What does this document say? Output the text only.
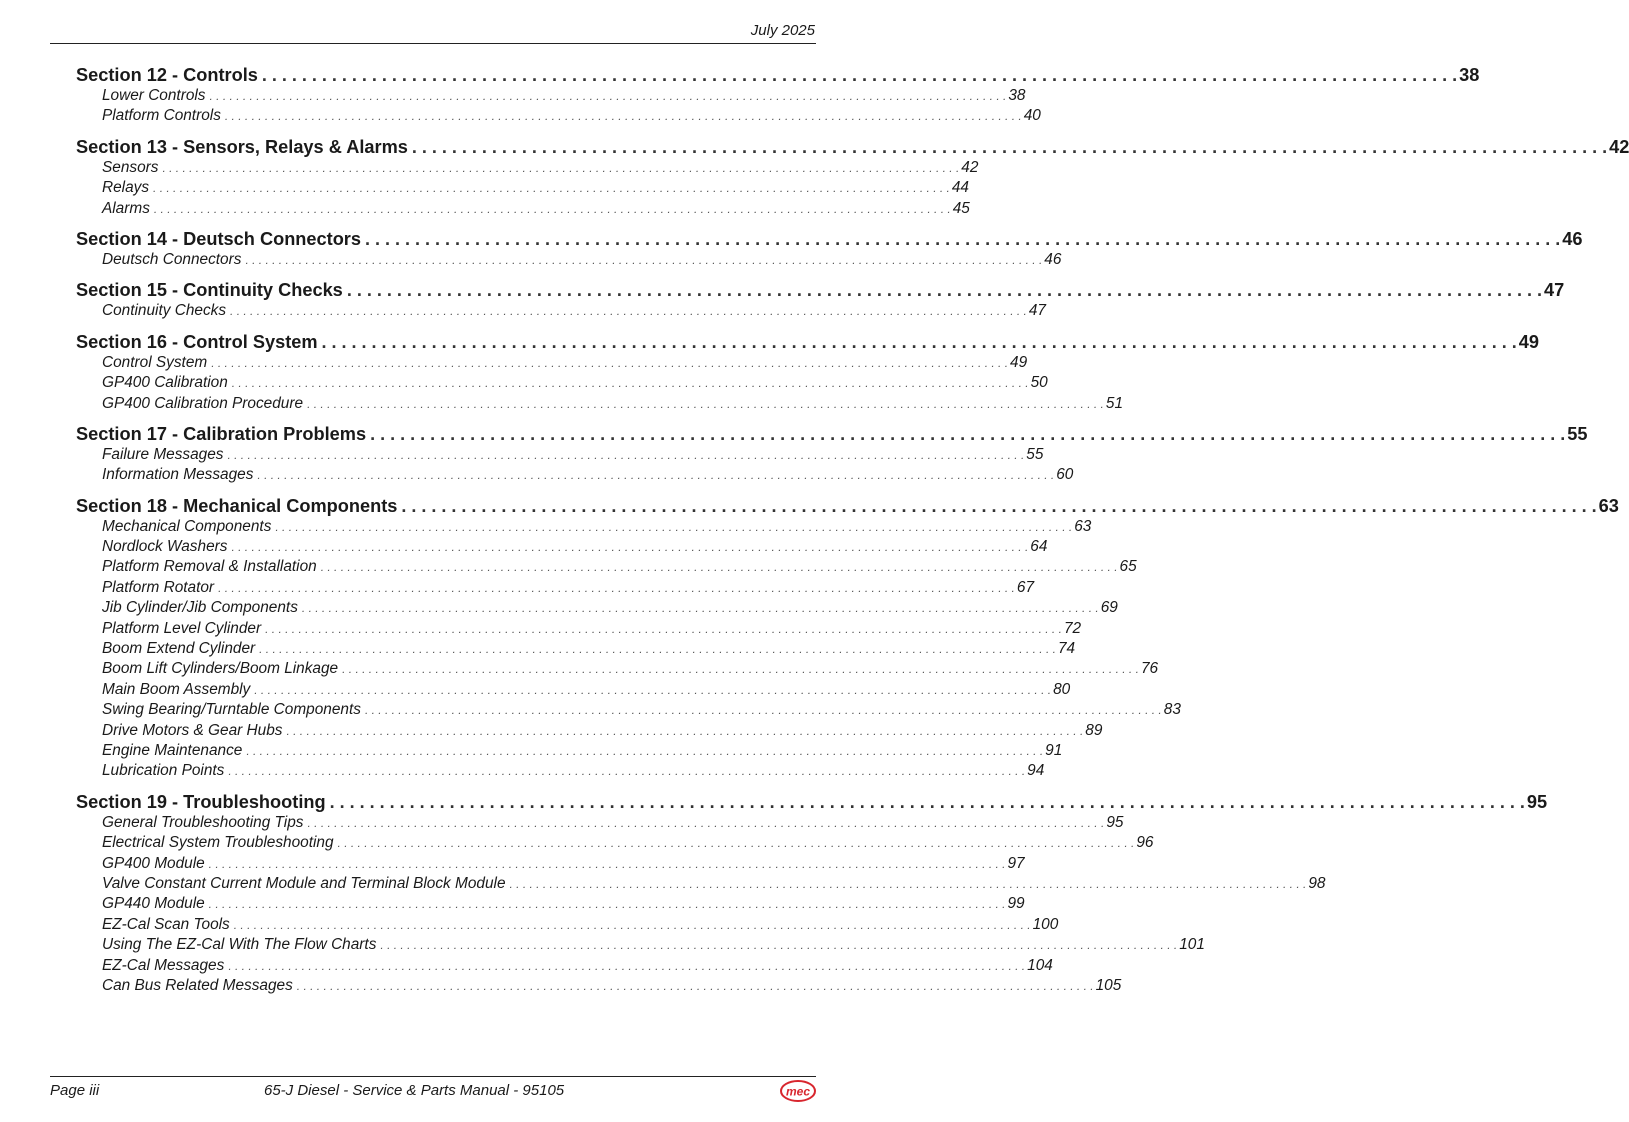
July 2025
Section 12 - Controls . . . . . . . . . . . . . . . . . . . . . . . . . . . . . . . . . . . . . . . . . . . . . . . . . . . . . . . . . . . . . . . . . . . . . . . . . . . . . . . . . . . . . . . . . . . . . . . . . . . . . . . . . . . . . . . . . . . . . . . . 38
Lower Controls . . . . . . . . . . . . . . . . . . . . . . . . . . . . . . . . . . . . . . . . . . . . . . . . . . . . . . . . . . . . . . . . . . . . . . . . . . . . . . . . . . . . . . . . . . . . . . . . . . . . . . . . . . . . . . . . . . . . . . . . 38
Platform Controls . . . . . . . . . . . . . . . . . . . . . . . . . . . . . . . . . . . . . . . . . . . . . . . . . . . . . . . . . . . . . . . . . . . . . . . . . . . . . . . . . . . . . . . . . . . . . . . . . . . . . . . . . . . . . . . . . . . . . . . . 40
Section 13 - Sensors, Relays & Alarms . . . . . . . . . . . . . . . . . . . . . . . . . . . . . . . . . . . . . . . . . . . . . . . . . . . . . . . . . . . . . . . . . . . . . . . . . . . . . . . . . . . . . . . . . . . . . . . . . . . . . . . . . . . . . . . . . . . . . . . . 42
Sensors . . . . . . . . . . . . . . . . . . . . . . . . . . . . . . . . . . . . . . . . . . . . . . . . . . . . . . . . . . . . . . . . . . . . . . . . . . . . . . . . . . . . . . . . . . . . . . . . . . . . . . . . . . . . . . . . . . . . . . . . 42
Relays . . . . . . . . . . . . . . . . . . . . . . . . . . . . . . . . . . . . . . . . . . . . . . . . . . . . . . . . . . . . . . . . . . . . . . . . . . . . . . . . . . . . . . . . . . . . . . . . . . . . . . . . . . . . . . . . . . . . . . . . 44
Alarms . . . . . . . . . . . . . . . . . . . . . . . . . . . . . . . . . . . . . . . . . . . . . . . . . . . . . . . . . . . . . . . . . . . . . . . . . . . . . . . . . . . . . . . . . . . . . . . . . . . . . . . . . . . . . . . . . . . . . . . . 45
Section 14 - Deutsch Connectors . . . . . . . . . . . . . . . . . . . . . . . . . . . . . . . . . . . . . . . . . . . . . . . . . . . . . . . . . . . . . . . . . . . . . . . . . . . . . . . . . . . . . . . . . . . . . . . . . . . . . . . . . . . . . . . . . . . . . . . . 46
Deutsch Connectors . . . . . . . . . . . . . . . . . . . . . . . . . . . . . . . . . . . . . . . . . . . . . . . . . . . . . . . . . . . . . . . . . . . . . . . . . . . . . . . . . . . . . . . . . . . . . . . . . . . . . . . . . . . . . . . . . . . . . . . . 46
Section 15 - Continuity Checks . . . . . . . . . . . . . . . . . . . . . . . . . . . . . . . . . . . . . . . . . . . . . . . . . . . . . . . . . . . . . . . . . . . . . . . . . . . . . . . . . . . . . . . . . . . . . . . . . . . . . . . . . . . . . . . . . . . . . . . . 47
Continuity Checks . . . . . . . . . . . . . . . . . . . . . . . . . . . . . . . . . . . . . . . . . . . . . . . . . . . . . . . . . . . . . . . . . . . . . . . . . . . . . . . . . . . . . . . . . . . . . . . . . . . . . . . . . . . . . . . . . . . . . . . . 47
Section 16 - Control System . . . . . . . . . . . . . . . . . . . . . . . . . . . . . . . . . . . . . . . . . . . . . . . . . . . . . . . . . . . . . . . . . . . . . . . . . . . . . . . . . . . . . . . . . . . . . . . . . . . . . . . . . . . . . . . . . . . . . . . . 49
Control System . . . . . . . . . . . . . . . . . . . . . . . . . . . . . . . . . . . . . . . . . . . . . . . . . . . . . . . . . . . . . . . . . . . . . . . . . . . . . . . . . . . . . . . . . . . . . . . . . . . . . . . . . . . . . . . . . . . . . . . . 49
GP400 Calibration . . . . . . . . . . . . . . . . . . . . . . . . . . . . . . . . . . . . . . . . . . . . . . . . . . . . . . . . . . . . . . . . . . . . . . . . . . . . . . . . . . . . . . . . . . . . . . . . . . . . . . . . . . . . . . . . . . . . . . . . 50
GP400 Calibration Procedure . . . . . . . . . . . . . . . . . . . . . . . . . . . . . . . . . . . . . . . . . . . . . . . . . . . . . . . . . . . . . . . . . . . . . . . . . . . . . . . . . . . . . . . . . . . . . . . . . . . . . . . . . . . . . . . . . . . . . . . . 51
Section 17 - Calibration Problems . . . . . . . . . . . . . . . . . . . . . . . . . . . . . . . . . . . . . . . . . . . . . . . . . . . . . . . . . . . . . . . . . . . . . . . . . . . . . . . . . . . . . . . . . . . . . . . . . . . . . . . . . . . . . . . . . . . . . . . . 55
Failure Messages . . . . . . . . . . . . . . . . . . . . . . . . . . . . . . . . . . . . . . . . . . . . . . . . . . . . . . . . . . . . . . . . . . . . . . . . . . . . . . . . . . . . . . . . . . . . . . . . . . . . . . . . . . . . . . . . . . . . . . . . 55
Information Messages . . . . . . . . . . . . . . . . . . . . . . . . . . . . . . . . . . . . . . . . . . . . . . . . . . . . . . . . . . . . . . . . . . . . . . . . . . . . . . . . . . . . . . . . . . . . . . . . . . . . . . . . . . . . . . . . . . . . . . . . 60
Section 18 - Mechanical Components . . . . . . . . . . . . . . . . . . . . . . . . . . . . . . . . . . . . . . . . . . . . . . . . . . . . . . . . . . . . . . . . . . . . . . . . . . . . . . . . . . . . . . . . . . . . . . . . . . . . . . . . . . . . . . . . . . . . . . . . 63
Mechanical Components . . . . . . . . . . . . . . . . . . . . . . . . . . . . . . . . . . . . . . . . . . . . . . . . . . . . . . . . . . . . . . . . . . . . . . . . . . . . . . . . . . . . . . . . . . . . . . . . . . . . . . . . . . . . . . . . . . . . . . . . 63
Nordlock Washers . . . . . . . . . . . . . . . . . . . . . . . . . . . . . . . . . . . . . . . . . . . . . . . . . . . . . . . . . . . . . . . . . . . . . . . . . . . . . . . . . . . . . . . . . . . . . . . . . . . . . . . . . . . . . . . . . . . . . . . . 64
Platform Removal & Installation . . . . . . . . . . . . . . . . . . . . . . . . . . . . . . . . . . . . . . . . . . . . . . . . . . . . . . . . . . . . . . . . . . . . . . . . . . . . . . . . . . . . . . . . . . . . . . . . . . . . . . . . . . . . . . . . . . . . . . . . 65
Platform Rotator . . . . . . . . . . . . . . . . . . . . . . . . . . . . . . . . . . . . . . . . . . . . . . . . . . . . . . . . . . . . . . . . . . . . . . . . . . . . . . . . . . . . . . . . . . . . . . . . . . . . . . . . . . . . . . . . . . . . . . . . 67
Jib Cylinder/Jib Components . . . . . . . . . . . . . . . . . . . . . . . . . . . . . . . . . . . . . . . . . . . . . . . . . . . . . . . . . . . . . . . . . . . . . . . . . . . . . . . . . . . . . . . . . . . . . . . . . . . . . . . . . . . . . . . . . . . . . . . . 69
Platform Level Cylinder . . . . . . . . . . . . . . . . . . . . . . . . . . . . . . . . . . . . . . . . . . . . . . . . . . . . . . . . . . . . . . . . . . . . . . . . . . . . . . . . . . . . . . . . . . . . . . . . . . . . . . . . . . . . . . . . . . . . . . . . 72
Boom Extend Cylinder . . . . . . . . . . . . . . . . . . . . . . . . . . . . . . . . . . . . . . . . . . . . . . . . . . . . . . . . . . . . . . . . . . . . . . . . . . . . . . . . . . . . . . . . . . . . . . . . . . . . . . . . . . . . . . . . . . . . . . . . 74
Boom Lift Cylinders/Boom Linkage . . . . . . . . . . . . . . . . . . . . . . . . . . . . . . . . . . . . . . . . . . . . . . . . . . . . . . . . . . . . . . . . . . . . . . . . . . . . . . . . . . . . . . . . . . . . . . . . . . . . . . . . . . . . . . . . . . . . . . . . 76
Main Boom Assembly . . . . . . . . . . . . . . . . . . . . . . . . . . . . . . . . . . . . . . . . . . . . . . . . . . . . . . . . . . . . . . . . . . . . . . . . . . . . . . . . . . . . . . . . . . . . . . . . . . . . . . . . . . . . . . . . . . . . . . . . 80
Swing Bearing/Turntable Components . . . . . . . . . . . . . . . . . . . . . . . . . . . . . . . . . . . . . . . . . . . . . . . . . . . . . . . . . . . . . . . . . . . . . . . . . . . . . . . . . . . . . . . . . . . . . . . . . . . . . . . . . . . . . . . . . . . . . . . . 83
Drive Motors & Gear Hubs . . . . . . . . . . . . . . . . . . . . . . . . . . . . . . . . . . . . . . . . . . . . . . . . . . . . . . . . . . . . . . . . . . . . . . . . . . . . . . . . . . . . . . . . . . . . . . . . . . . . . . . . . . . . . . . . . . . . . . . . 89
Engine Maintenance . . . . . . . . . . . . . . . . . . . . . . . . . . . . . . . . . . . . . . . . . . . . . . . . . . . . . . . . . . . . . . . . . . . . . . . . . . . . . . . . . . . . . . . . . . . . . . . . . . . . . . . . . . . . . . . . . . . . . . . . 91
Lubrication Points . . . . . . . . . . . . . . . . . . . . . . . . . . . . . . . . . . . . . . . . . . . . . . . . . . . . . . . . . . . . . . . . . . . . . . . . . . . . . . . . . . . . . . . . . . . . . . . . . . . . . . . . . . . . . . . . . . . . . . . . 94
Section 19 - Troubleshooting . . . . . . . . . . . . . . . . . . . . . . . . . . . . . . . . . . . . . . . . . . . . . . . . . . . . . . . . . . . . . . . . . . . . . . . . . . . . . . . . . . . . . . . . . . . . . . . . . . . . . . . . . . . . . . . . . . . . . . . . 95
General Troubleshooting Tips . . . . . . . . . . . . . . . . . . . . . . . . . . . . . . . . . . . . . . . . . . . . . . . . . . . . . . . . . . . . . . . . . . . . . . . . . . . . . . . . . . . . . . . . . . . . . . . . . . . . . . . . . . . . . . . . . . . . . . . . 95
Electrical System Troubleshooting . . . . . . . . . . . . . . . . . . . . . . . . . . . . . . . . . . . . . . . . . . . . . . . . . . . . . . . . . . . . . . . . . . . . . . . . . . . . . . . . . . . . . . . . . . . . . . . . . . . . . . . . . . . . . . . . . . . . . . . . 96
GP400 Module . . . . . . . . . . . . . . . . . . . . . . . . . . . . . . . . . . . . . . . . . . . . . . . . . . . . . . . . . . . . . . . . . . . . . . . . . . . . . . . . . . . . . . . . . . . . . . . . . . . . . . . . . . . . . . . . . . . . . . . . 97
Valve Constant Current Module and Terminal Block Module . . . . . . . . . . . . . . . . . . . . . . . . . . . . . . . . . . . . . . . . . . . . . . . . . . . . . . . . . . . . . . . . . . . . . . . . . . . . . . . . . . . . . . . . . . . . . . . . . . . . . . . . . . . . . . . . . . . . . . . . 98
GP440 Module . . . . . . . . . . . . . . . . . . . . . . . . . . . . . . . . . . . . . . . . . . . . . . . . . . . . . . . . . . . . . . . . . . . . . . . . . . . . . . . . . . . . . . . . . . . . . . . . . . . . . . . . . . . . . . . . . . . . . . . . 99
EZ-Cal Scan Tools . . . . . . . . . . . . . . . . . . . . . . . . . . . . . . . . . . . . . . . . . . . . . . . . . . . . . . . . . . . . . . . . . . . . . . . . . . . . . . . . . . . . . . . . . . . . . . . . . . . . . . . . . . . . . . . . . . . . . . . . 100
Using The EZ-Cal With The Flow Charts . . . . . . . . . . . . . . . . . . . . . . . . . . . . . . . . . . . . . . . . . . . . . . . . . . . . . . . . . . . . . . . . . . . . . . . . . . . . . . . . . . . . . . . . . . . . . . . . . . . . . . . . . . . . . . . . . . . . . . . . 101
EZ-Cal Messages . . . . . . . . . . . . . . . . . . . . . . . . . . . . . . . . . . . . . . . . . . . . . . . . . . . . . . . . . . . . . . . . . . . . . . . . . . . . . . . . . . . . . . . . . . . . . . . . . . . . . . . . . . . . . . . . . . . . . . . . 104
Can Bus Related Messages . . . . . . . . . . . . . . . . . . . . . . . . . . . . . . . . . . . . . . . . . . . . . . . . . . . . . . . . . . . . . . . . . . . . . . . . . . . . . . . . . . . . . . . . . . . . . . . . . . . . . . . . . . . . . . . . . . . . . . . . 105
Page iii	65-J Diesel - Service & Parts Manual - 95105	mec
